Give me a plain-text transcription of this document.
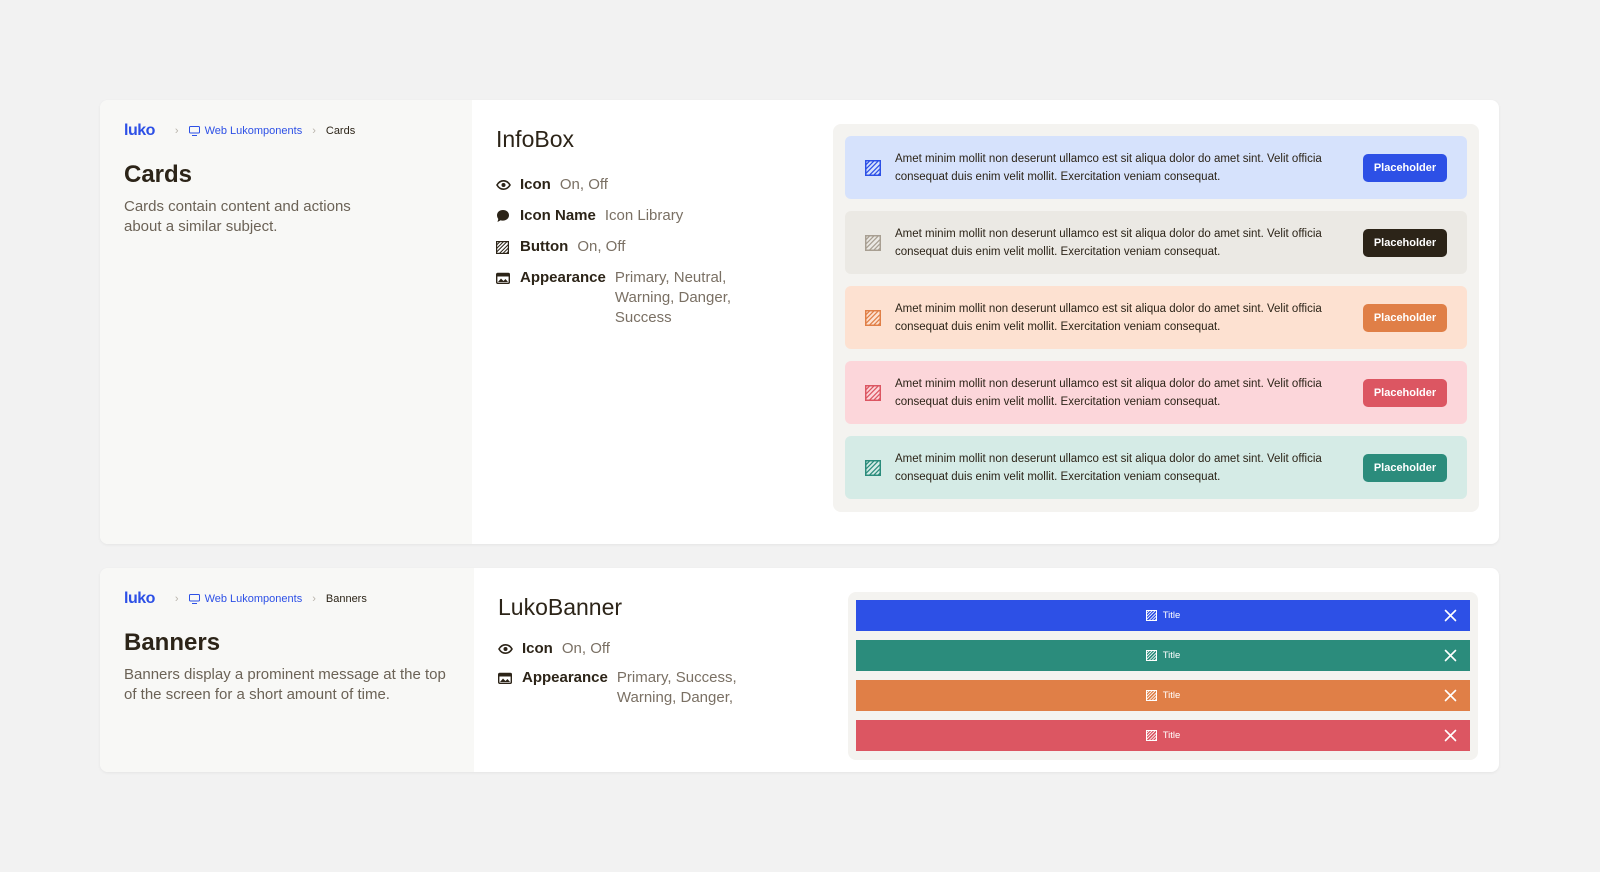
luko › Web Lukomponents › Cards
Cards

Cards contain content and actions about a similar subject.

InfoBox
Icon On, Off
Icon Name Icon Library
Button On, Off
Appearance Primary, Neutral, Warning, Danger, Success
Amet minim mollit non deserunt ullamco est sit aliqua dolor do amet sint. Velit officia consequat duis enim velit mollit. Exercitation veniam consequat.
Placeholder
Amet minim mollit non deserunt ullamco est sit aliqua dolor do amet sint. Velit officia consequat duis enim velit mollit. Exercitation veniam consequat.
Placeholder
Amet minim mollit non deserunt ullamco est sit aliqua dolor do amet sint. Velit officia consequat duis enim velit mollit. Exercitation veniam consequat.
Placeholder
Amet minim mollit non deserunt ullamco est sit aliqua dolor do amet sint. Velit officia consequat duis enim velit mollit. Exercitation veniam consequat.
Placeholder
Amet minim mollit non deserunt ullamco est sit aliqua dolor do amet sint. Velit officia consequat duis enim velit mollit. Exercitation veniam consequat.
Placeholder
luko › Web Lukomponents › Banners
Banners

Banners display a prominent message at the top of the screen for a short amount of time.

LukoBanner
Icon On, Off
Appearance Primary, Success, Warning, Danger,
Title
Title
Title
Title
